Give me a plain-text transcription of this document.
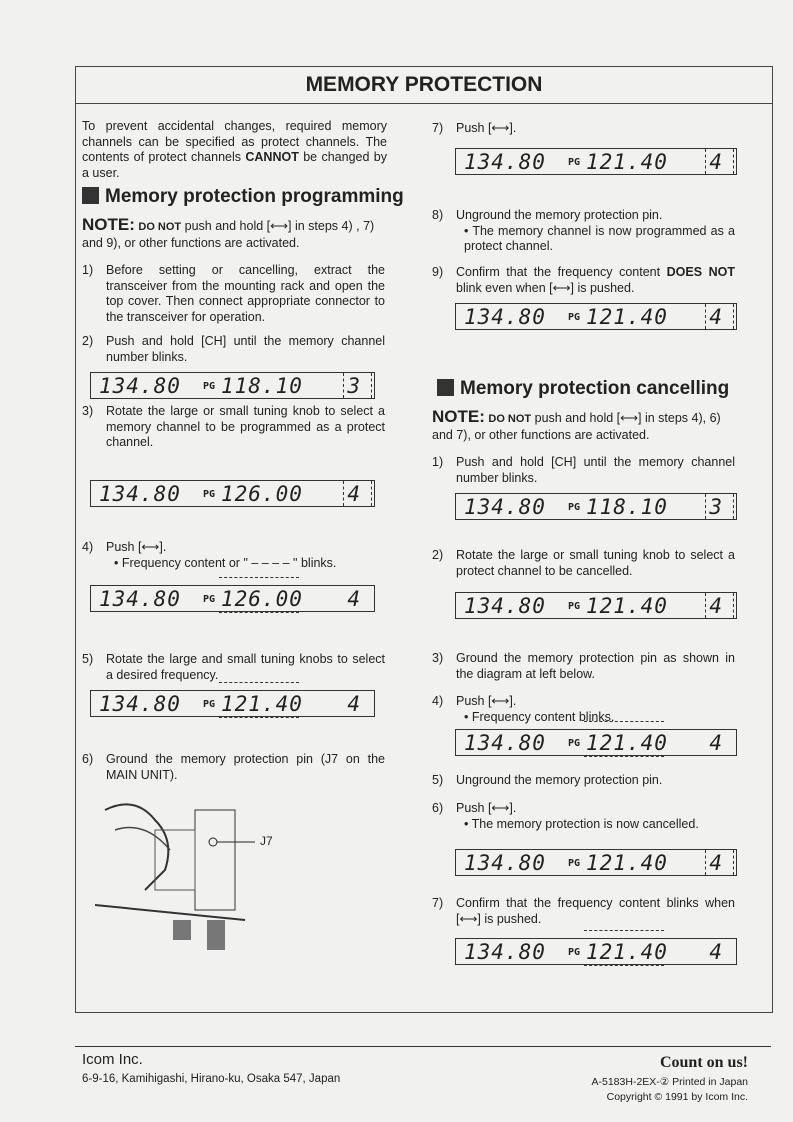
MEMORY PROTECTION
To prevent accidental changes, required memory channels can be specified as protect channels. The contents of protect channels CANNOT be changed by a user.
Memory protection programming
NOTE: DO NOT push and hold [⟷] in steps 4) , 7) and 9), or other functions are activated.
1) Before setting or cancelling, extract the transceiver from the mounting rack and open the top cover. Then connect appropriate connector to the transceiver for operation.
2) Push and hold [CH] until the memory channel number blinks.
3) Rotate the large or small tuning knob to select a memory channel to be programmed as a protect channel.
4) Push [⟷].
• Frequency content or " – – – – " blinks.
5) Rotate the large and small tuning knobs to select a desired frequency.
6) Ground the memory protection pin (J7 on the MAIN UNIT).
J7
7) Push [⟷].
8) Unground the memory protection pin.
• The memory channel is now programmed as a protect channel.
9) Confirm that the frequency content DOES NOT blink even when [⟷] is pushed.
Memory protection cancelling
NOTE: DO NOT push and hold [⟷] in steps 4), 6) and 7), or other functions are activated.
1) Push and hold [CH] until the memory channel number blinks.
2) Rotate the large or small tuning knob to select a protect channel to be cancelled.
3) Ground the memory protection pin as shown in the diagram at left below.
4) Push [⟷].
• Frequency content blinks.
5) Unground the memory protection pin.
6) Push [⟷].
• The memory protection is now cancelled.
7) Confirm that the frequency content blinks when [⟷] is pushed.
134.80 PG 118.10 3
134.80 PG 126.00 4
134.80 PG 126.00 4
134.80 PG 121.40 4
134.80 PG 121.40 4
134.80 PG 121.40 4
134.80 PG 118.10 3
134.80 PG 121.40 4
134.80 PG 121.40 4
134.80 PG 121.40 4
134.80 PG 121.40 4
Icom Inc.
6-9-16, Kamihigashi, Hirano-ku, Osaka 547, Japan
Count on us!
A-5183H-2EX-② Printed in Japan
Copyright © 1991 by Icom Inc.
